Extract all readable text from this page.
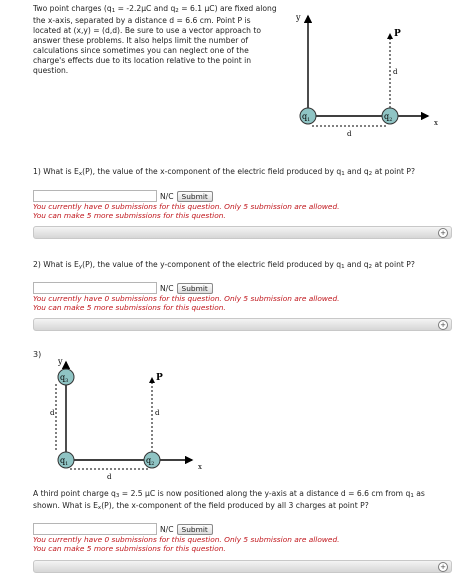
Two point charges ($q_1 = -2.2\mu C$ and $q_2 = 6.1$ μC) are fixed along the x-axis, separated by a distance d = 6.6 cm. Point P is located at (x,y) = (d,d). Be sure to use a vector approach to answer these problems. It also helps limit the number of calculations since sometimes you can neglect one of the charge's effects due to its location relative to the point in question.
y
x
P
d
d
$q_1$	$q_2$
1) What is $E_x(P)$, the value of the x-component of the electric field produced by $q_1$ and $q_2$ at point P?
N/C	Submit
You currently have 0 submissions for this question. Only 5 submission are allowed.
You can make 5 more submissions for this question.
+
2) What is $E_y(P)$, the value of the y-component of the electric field produced by $q_1$ and $q_2$ at point P?
N/C	Submit
You currently have 0 submissions for this question. Only 5 submission are allowed.
You can make 5 more submissions for this question.
+
3)
y
x
P
d
d
d
$q_3$
$q_1$	$q_2$
A third point charge $q_3 = 2.5$ μC is now positioned along the y-axis at a distance d = 6.6 cm from $q_1$ as shown. What is $E_x(P)$, the x-component of the field produced by all 3 charges at point P?
N/C	Submit
You currently have 0 submissions for this question. Only 5 submission are allowed.
You can make 5 more submissions for this question.
+
